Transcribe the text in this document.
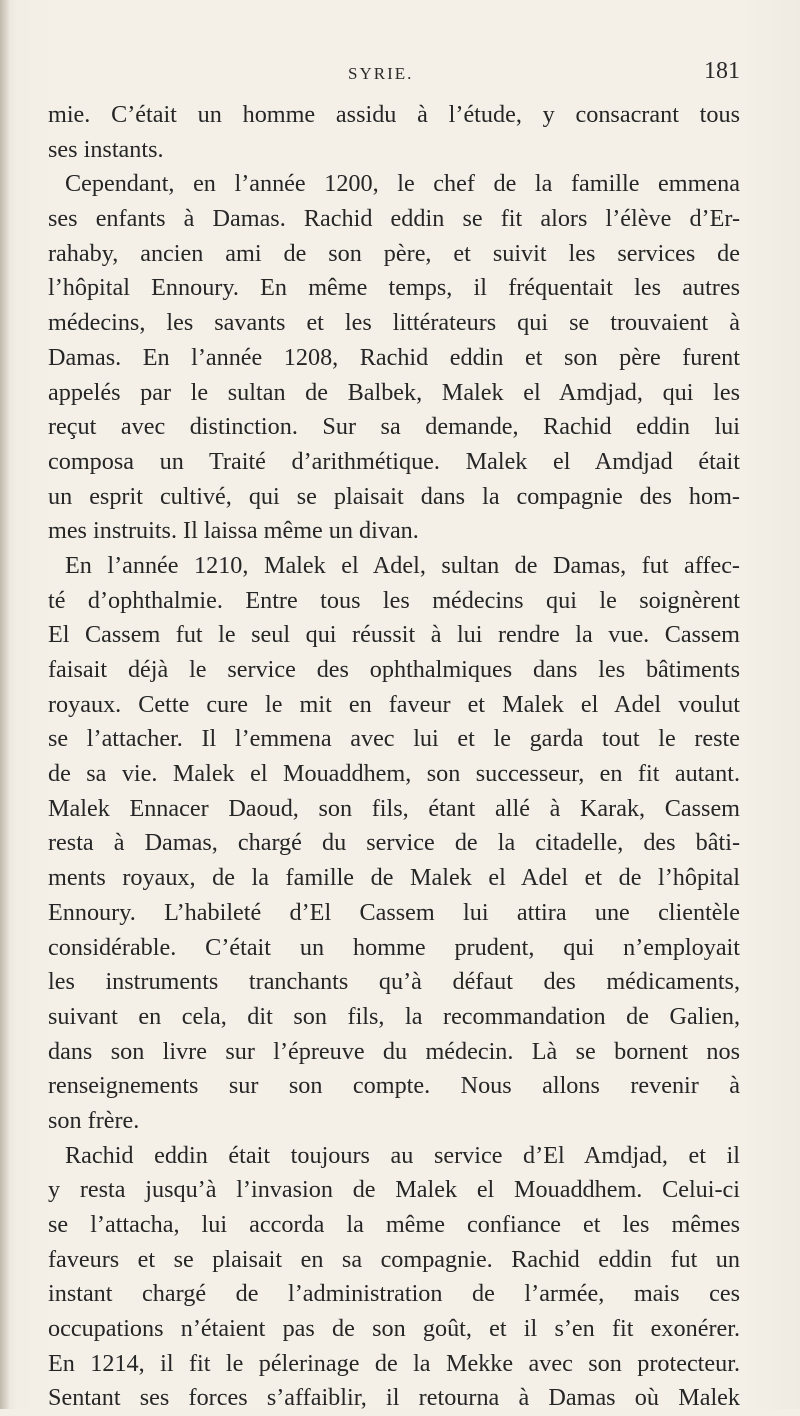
SYRIE.	181
mie. C’était un homme assidu à l’étude, y consacrant tous
ses instants.
Cependant, en l’année 1200, le chef de la famille emmena
ses enfants à Damas. Rachid eddin se fit alors l’élève d’Er-
rahaby, ancien ami de son père, et suivit les services de
l’hôpital Ennoury. En même temps, il fréquentait les autres
médecins, les savants et les littérateurs qui se trouvaient à
Damas. En l’année 1208, Rachid eddin et son père furent
appelés par le sultan de Balbek, Malek el Amdjad, qui les
reçut avec distinction. Sur sa demande, Rachid eddin lui
composa un Traité d’arithmétique. Malek el Amdjad était
un esprit cultivé, qui se plaisait dans la compagnie des hom-
mes instruits. Il laissa même un divan.
En l’année 1210, Malek el Adel, sultan de Damas, fut affec-
té d’ophthalmie. Entre tous les médecins qui le soignèrent
El Cassem fut le seul qui réussit à lui rendre la vue. Cassem
faisait déjà le service des ophthalmiques dans les bâtiments
royaux. Cette cure le mit en faveur et Malek el Adel voulut
se l’attacher. Il l’emmena avec lui et le garda tout le reste
de sa vie. Malek el Mouaddhem, son successeur, en fit autant.
Malek Ennacer Daoud, son fils, étant allé à Karak, Cassem
resta à Damas, chargé du service de la citadelle, des bâti-
ments royaux, de la famille de Malek el Adel et de l’hôpital
Ennoury. L’habileté d’El Cassem lui attira une clientèle
considérable. C’était un homme prudent, qui n’employait
les instruments tranchants qu’à défaut des médicaments,
suivant en cela, dit son fils, la recommandation de Galien,
dans son livre sur l’épreuve du médecin. Là se bornent nos
renseignements sur son compte. Nous allons revenir à
son frère.
Rachid eddin était toujours au service d’El Amdjad, et il
y resta jusqu’à l’invasion de Malek el Mouaddhem. Celui-ci
se l’attacha, lui accorda la même confiance et les mêmes
faveurs et se plaisait en sa compagnie. Rachid eddin fut un
instant chargé de l’administration de l’armée, mais ces
occupations n’étaient pas de son goût, et il s’en fit exonérer.
En 1214, il fit le pélerinage de la Mekke avec son protecteur.
Sentant ses forces s’affaiblir, il retourna à Damas où Malek
